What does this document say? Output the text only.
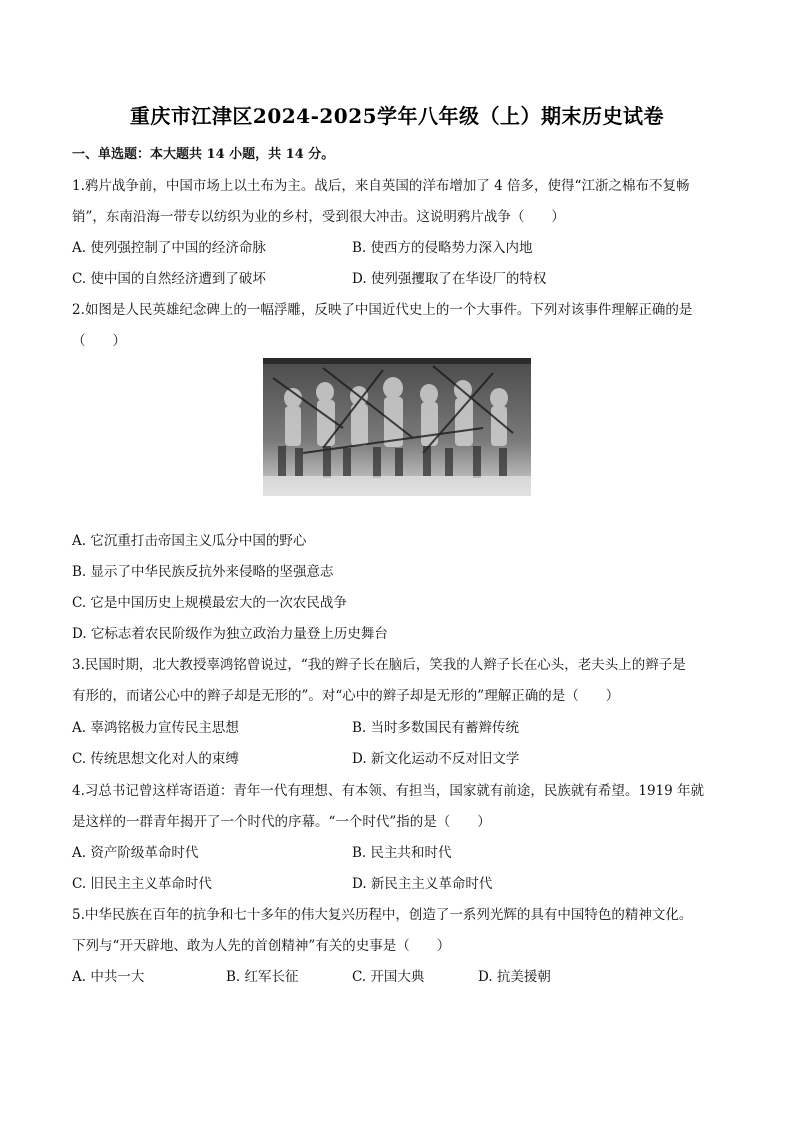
重庆市江津区2024-2025学年八年级（上）期末历史试卷
一、单选题：本大题共 14 小题，共 14 分。
1.鸦片战争前，中国市场上以土布为主。战后，来自英国的洋布增加了 4 倍多，使得“江浙之棉布不复畅
销”，东南沿海一带专以纺织为业的乡村，受到很大冲击。这说明鸦片战争（　　）
A. 使列强控制了中国的经济命脉	B. 使西方的侵略势力深入内地
C. 使中国的自然经济遭到了破坏	D. 使列强攫取了在华设厂的特权
2.如图是人民英雄纪念碑上的一幅浮雕，反映了中国近代史上的一个大事件。下列对该事件理解正确的是
（　　）
A. 它沉重打击帝国主义瓜分中国的野心
B. 显示了中华民族反抗外来侵略的坚强意志
C. 它是中国历史上规模最宏大的一次农民战争
D. 它标志着农民阶级作为独立政治力量登上历史舞台
3.民国时期，北大教授辜鸿铭曾说过，“我的辫子长在脑后，笑我的人辫子长在心头，老夫头上的辫子是
有形的，而诸公心中的辫子却是无形的”。对“心中的辫子却是无形的”理解正确的是（　　）
A. 辜鸿铭极力宣传民主思想	B. 当时多数国民有蓄辫传统
C. 传统思想文化对人的束缚	D. 新文化运动不反对旧文学
4.习总书记曾这样寄语道：青年一代有理想、有本领、有担当，国家就有前途，民族就有希望。1919 年就
是这样的一群青年揭开了一个时代的序幕。“一个时代”指的是（　　）
A. 资产阶级革命时代	B. 民主共和时代
C. 旧民主主义革命时代	D. 新民主主义革命时代
5.中华民族在百年的抗争和七十多年的伟大复兴历程中，创造了一系列光辉的具有中国特色的精神文化。
下列与“开天辟地、敢为人先的首创精神”有关的史事是（　　）
A. 中共一大	B. 红军长征	C. 开国大典	D. 抗美援朝
